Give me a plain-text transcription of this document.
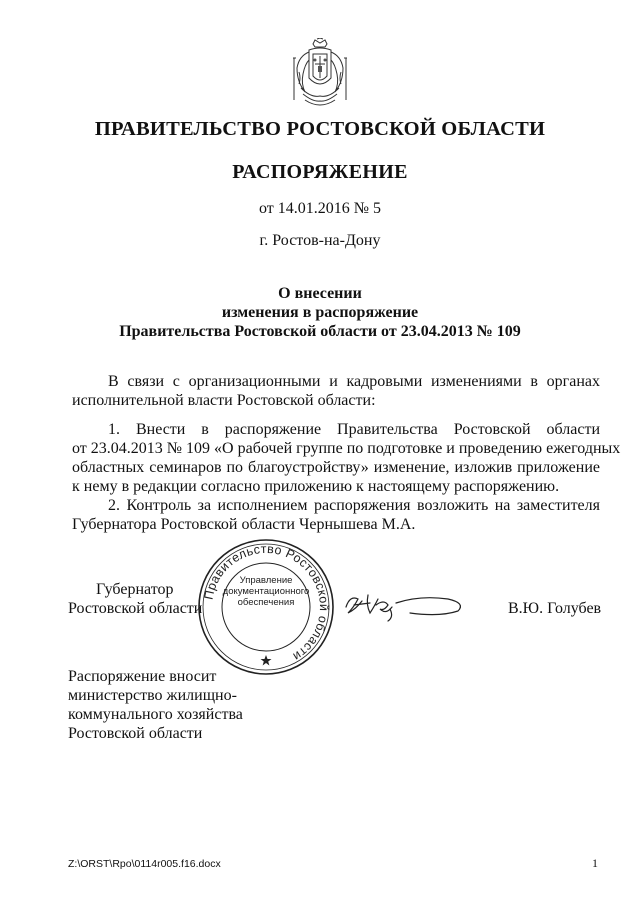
ПРАВИТЕЛЬСТВО РОСТОВСКОЙ ОБЛАСТИ
РАСПОРЯЖЕНИЕ
от 14.01.2016 № 5
г. Ростов-на-Дону
О внесении
изменения в распоряжение
Правительства Ростовской области от 23.04.2013 № 109
В связи с организационными и кадровыми изменениями в органах
исполнительной власти Ростовской области:
1. Внести в распоряжение Правительства Ростовской области
от 23.04.2013 № 109 «О рабочей группе по подготовке и проведению ежегодных
областных семинаров по благоустройству» изменение, изложив приложение
к нему в редакции согласно приложению к настоящему распоряжению.
2. Контроль за исполнением распоряжения возложить на заместителя
Губернатора Ростовской области Чернышева М.А.
Правительство Ростовской области
Управление
документационного
обеспечения
Губернатор
Ростовской области	В.Ю. Голубев
Распоряжение вносит
министерство жилищно-
коммунального хозяйства
Ростовской области
Z:\ORST\Rpo\0114r005.f16.docx	1
